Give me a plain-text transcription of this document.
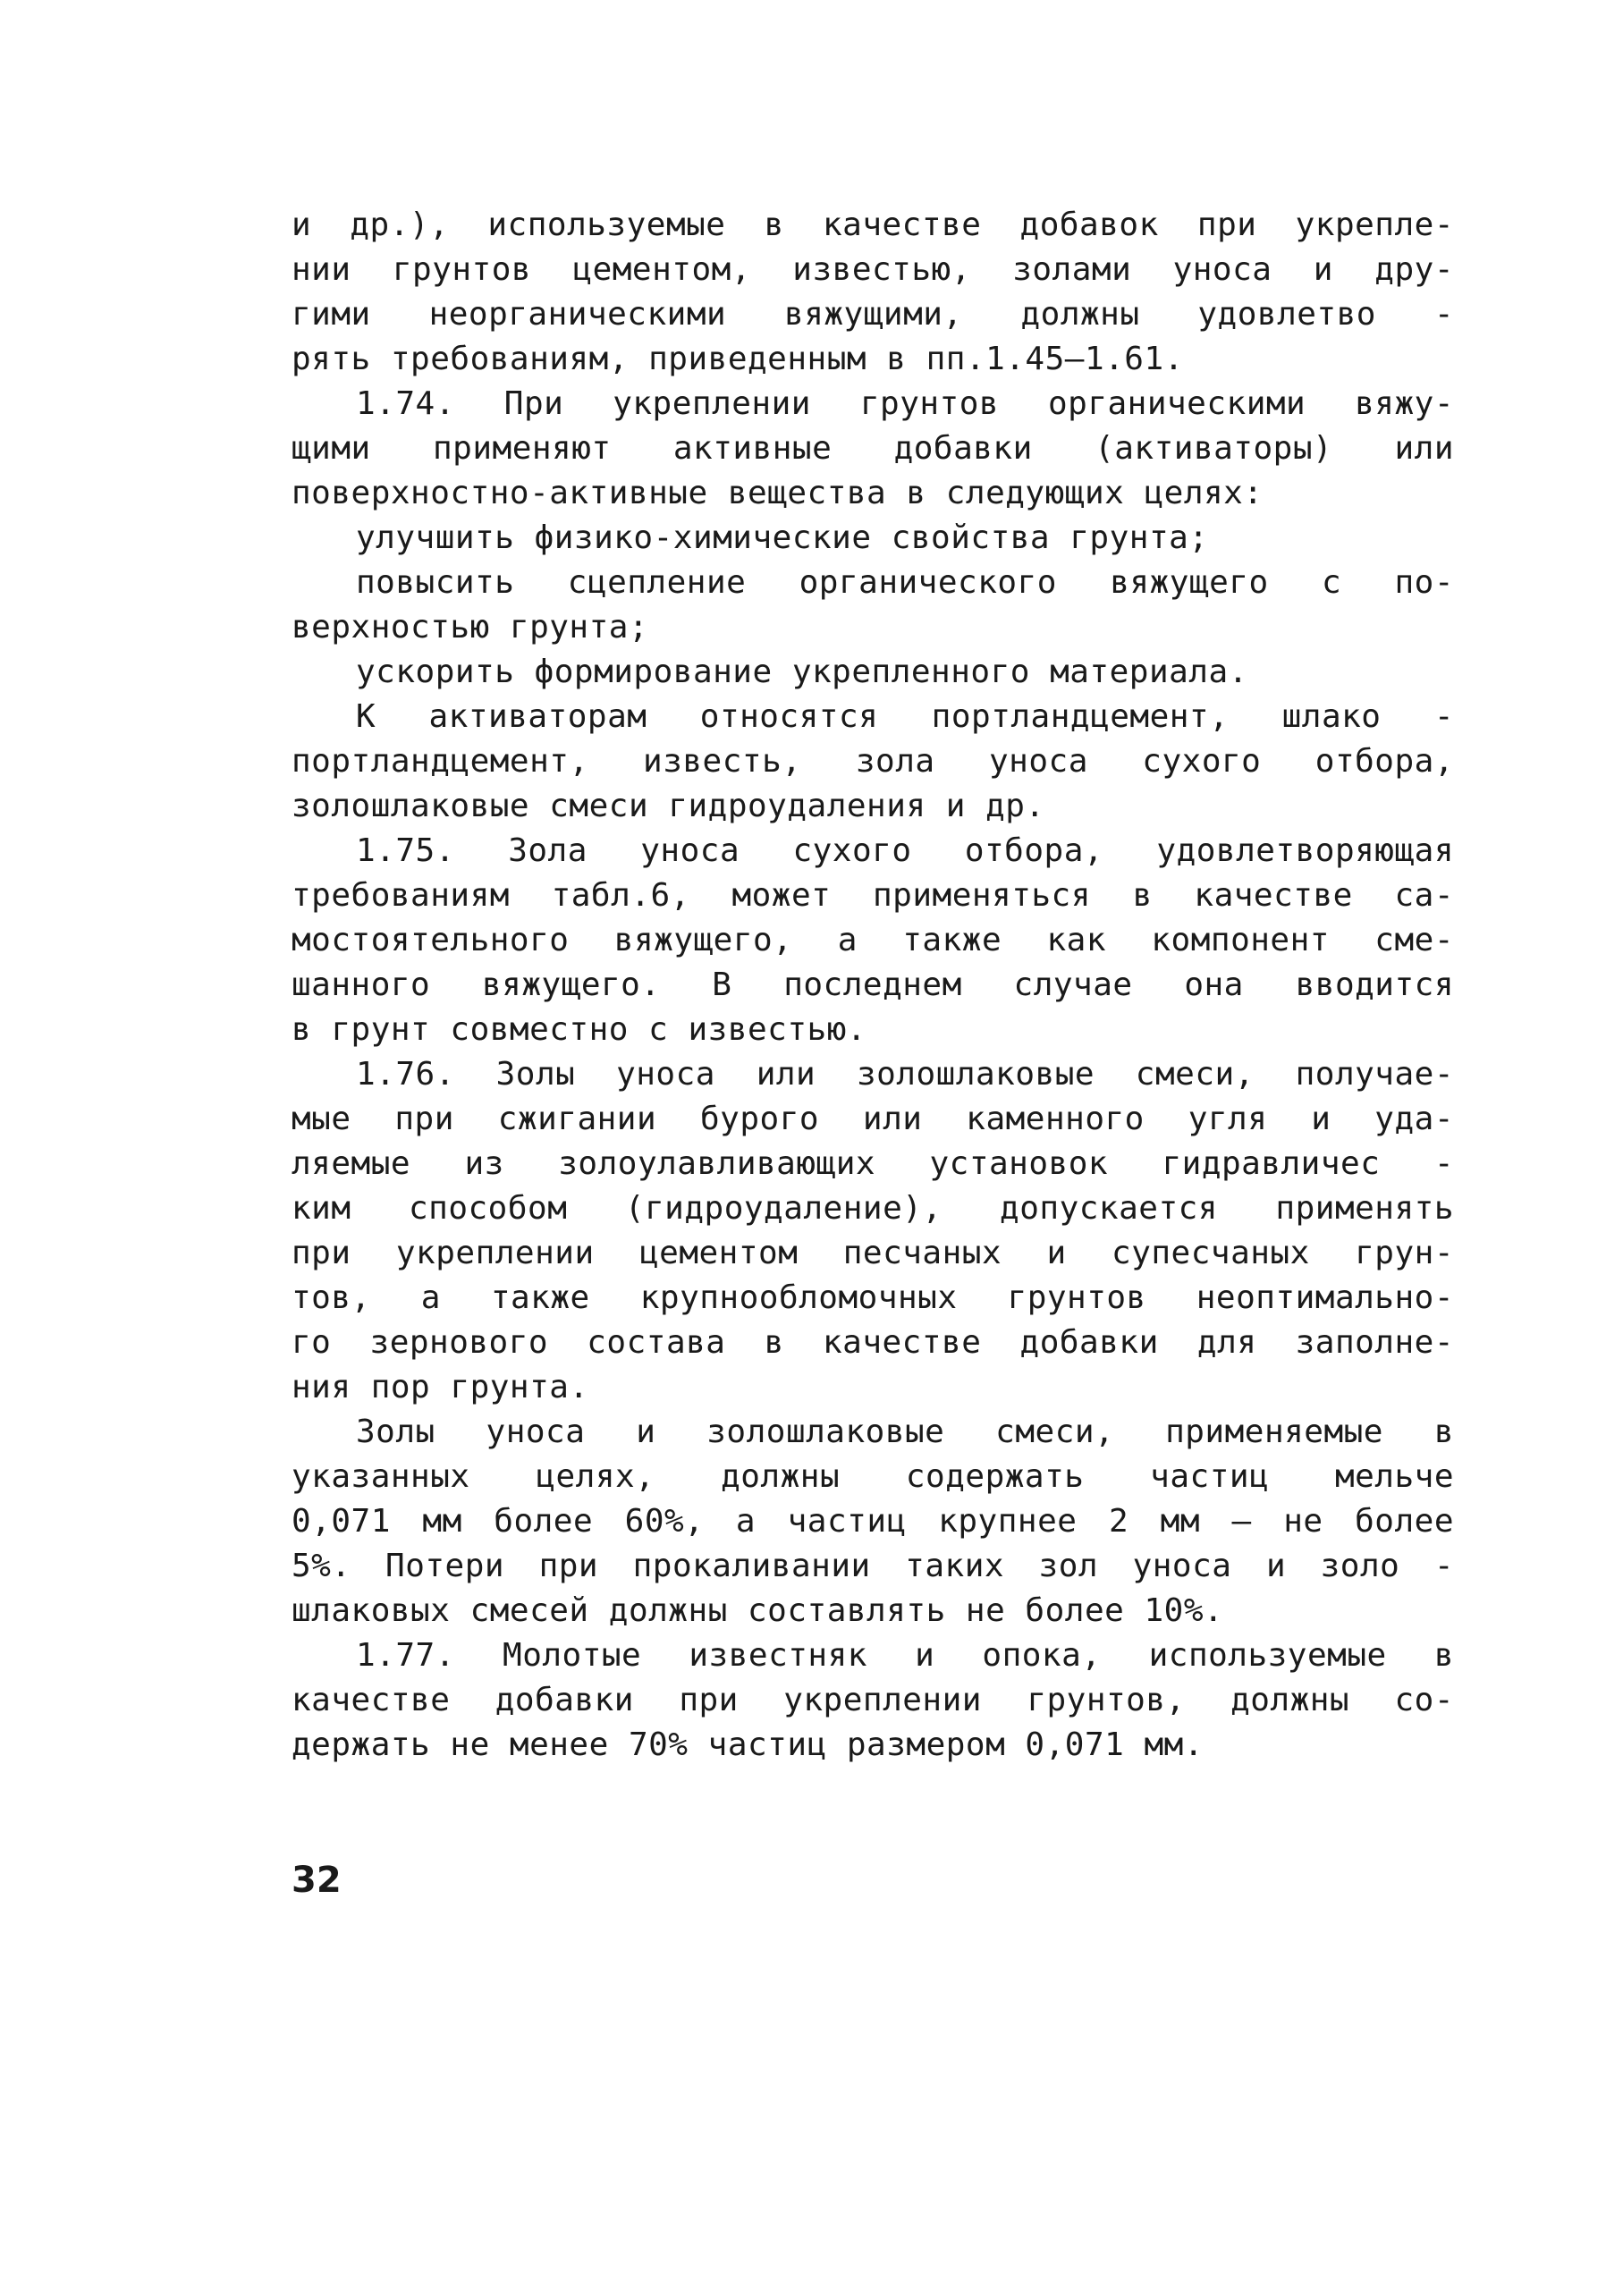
и др.), используемые в качестве добавок при укрепле-
нии грунтов цементом, известью, золами уноса и дру-
гими неорганическими вяжущими, должны удовлетво -
рять требованиям, приведенным в пп.1.45–1.61.
1.74. При укреплении грунтов органическими вяжу-
щими применяют активные добавки (активаторы) или
поверхностно-активные вещества в следующих целях:
улучшить физико-химические свойства грунта;
повысить сцепление органического вяжущего с по-
верхностью грунта;
ускорить формирование укрепленного материала.
К активаторам относятся портландцемент, шлако -
портландцемент, известь, зола уноса сухого отбора,
золошлаковые смеси гидроудаления и др.
1.75. Зола уноса сухого отбора, удовлетворяющая
требованиям табл.6, может применяться в качестве са-
мостоятельного вяжущего, а также как компонент сме-
шанного вяжущего. В последнем случае она вводится
в грунт совместно с известью.
1.76. Золы уноса или золошлаковые смеси, получае-
мые при сжигании бурого или каменного угля и уда-
ляемые из золоулавливающих установок гидравличес -
ким способом (гидроудаление), допускается применять
при укреплении цементом песчаных и супесчаных грун-
тов, а также крупнообломочных грунтов неоптимально-
го зернового состава в качестве добавки для заполне-
ния пор грунта.
Золы уноса и золошлаковые смеси, применяемые в
указанных целях, должны содержать частиц мельче
0,071 мм более 60%, а частиц крупнее 2 мм – не более
5%. Потери при прокаливании таких зол уноса и золо -
шлаковых смесей должны составлять не более 10%.
1.77. Молотые известняк и опока, используемые в
качестве добавки при укреплении грунтов, должны со-
держать не менее 70% частиц размером 0,071 мм.
32
